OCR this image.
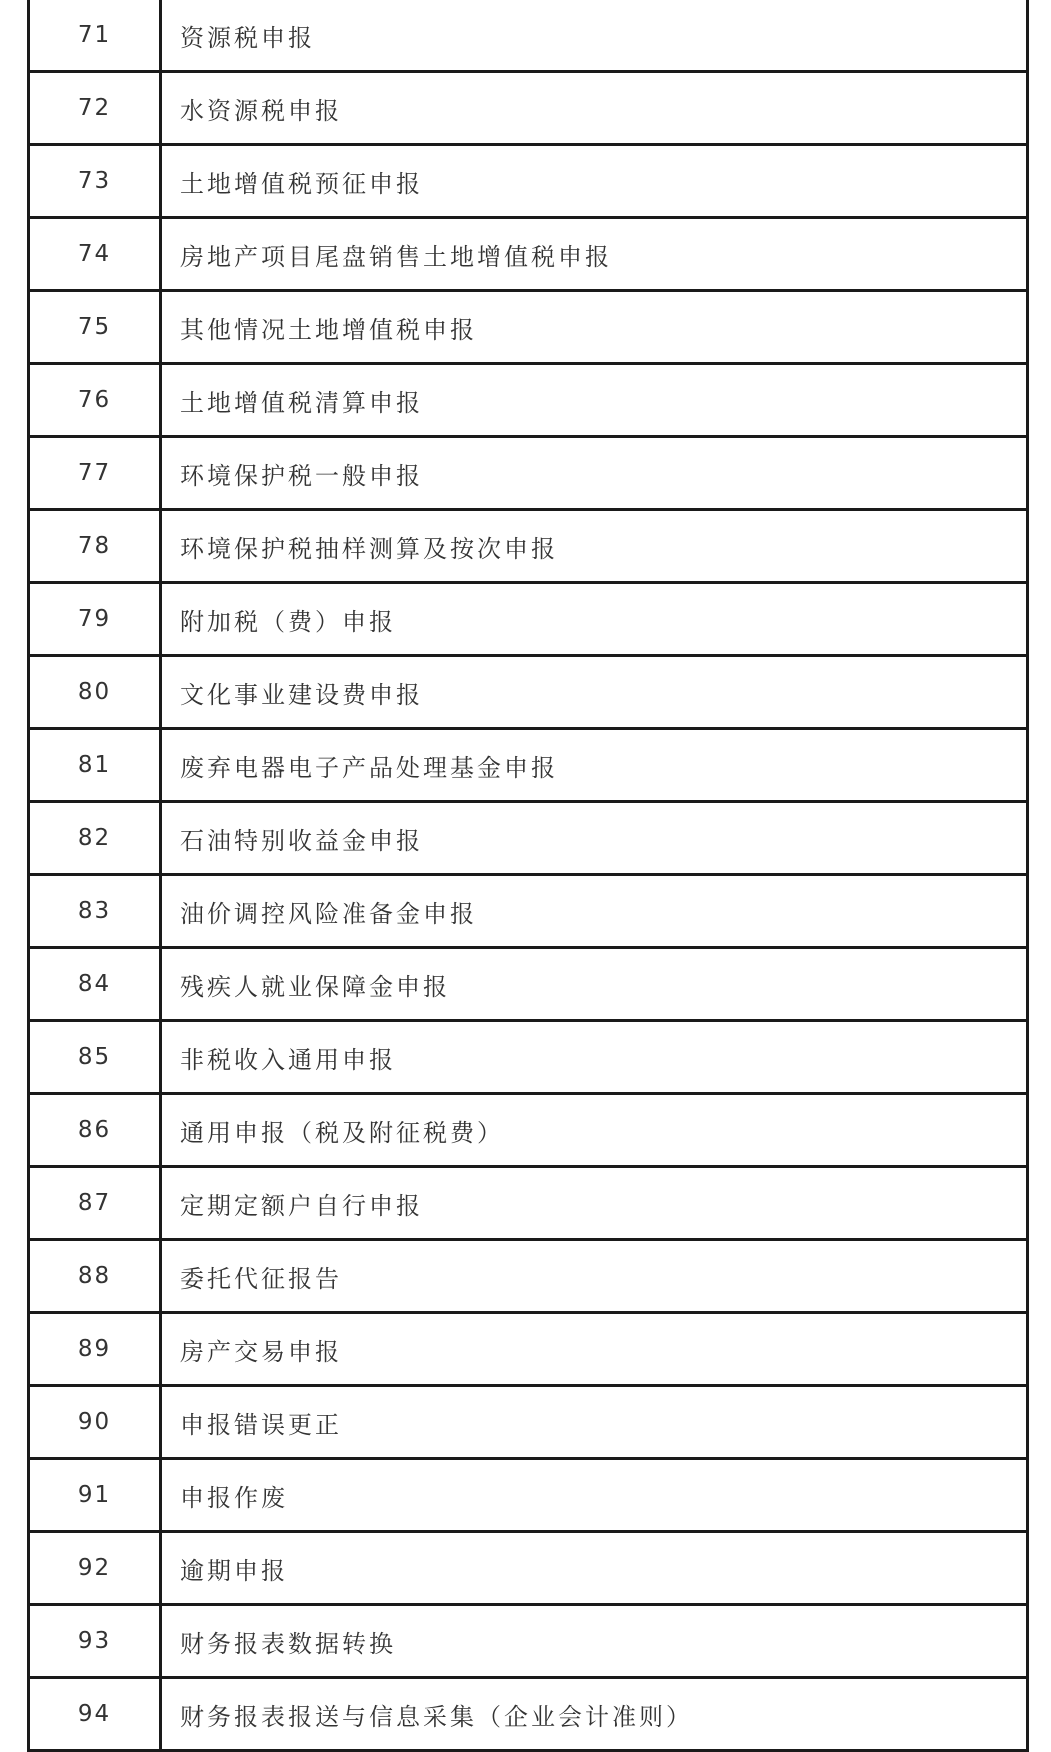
71	资源税申报
72	水资源税申报
73	土地增值税预征申报
74	房地产项目尾盘销售土地增值税申报
75	其他情况土地增值税申报
76	土地增值税清算申报
77	环境保护税一般申报
78	环境保护税抽样测算及按次申报
79	附加税（费）申报
80	文化事业建设费申报
81	废弃电器电子产品处理基金申报
82	石油特别收益金申报
83	油价调控风险准备金申报
84	残疾人就业保障金申报
85	非税收入通用申报
86	通用申报（税及附征税费）
87	定期定额户自行申报
88	委托代征报告
89	房产交易申报
90	申报错误更正
91	申报作废
92	逾期申报
93	财务报表数据转换
94	财务报表报送与信息采集（企业会计准则）
